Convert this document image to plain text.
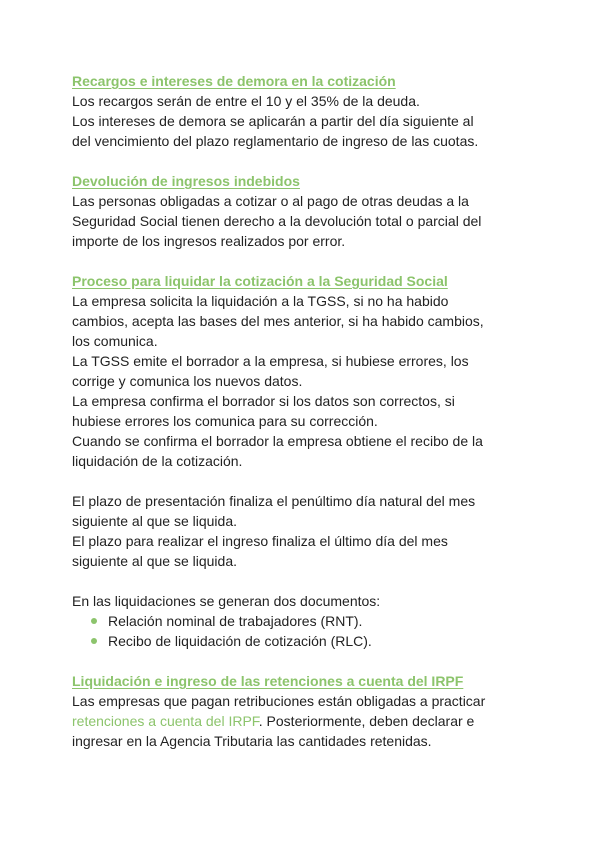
Recargos e intereses de demora en la cotización

Los recargos serán de entre el 10 y el 35% de la deuda.

Los intereses de demora se aplicarán a partir del día siguiente al

del vencimiento del plazo reglamentario de ingreso de las cuotas.

Devolución de ingresos indebidos

Las personas obligadas a cotizar o al pago de otras deudas a la

Seguridad Social tienen derecho a la devolución total o parcial del

importe de los ingresos realizados por error.

Proceso para liquidar la cotización a la Seguridad Social

La empresa solicita la liquidación a la TGSS, si no ha habido

cambios, acepta las bases del mes anterior, si ha habido cambios,

los comunica.

La TGSS emite el borrador a la empresa, si hubiese errores, los

corrige y comunica los nuevos datos.

La empresa confirma el borrador si los datos son correctos, si

hubiese errores los comunica para su corrección.

Cuando se confirma el borrador la empresa obtiene el recibo de la

liquidación de la cotización.

El plazo de presentación finaliza el penúltimo día natural del mes

siguiente al que se liquida.

El plazo para realizar el ingreso finaliza el último día del mes

siguiente al que se liquida.

En las liquidaciones se generan dos documentos:

Relación nominal de trabajadores (RNT).
Recibo de liquidación de cotización (RLC).

Liquidación e ingreso de las retenciones a cuenta del IRPF

Las empresas que pagan retribuciones están obligadas a practicar

retenciones a cuenta del IRPF. Posteriormente, deben declarar e

ingresar en la Agencia Tributaria las cantidades retenidas.
